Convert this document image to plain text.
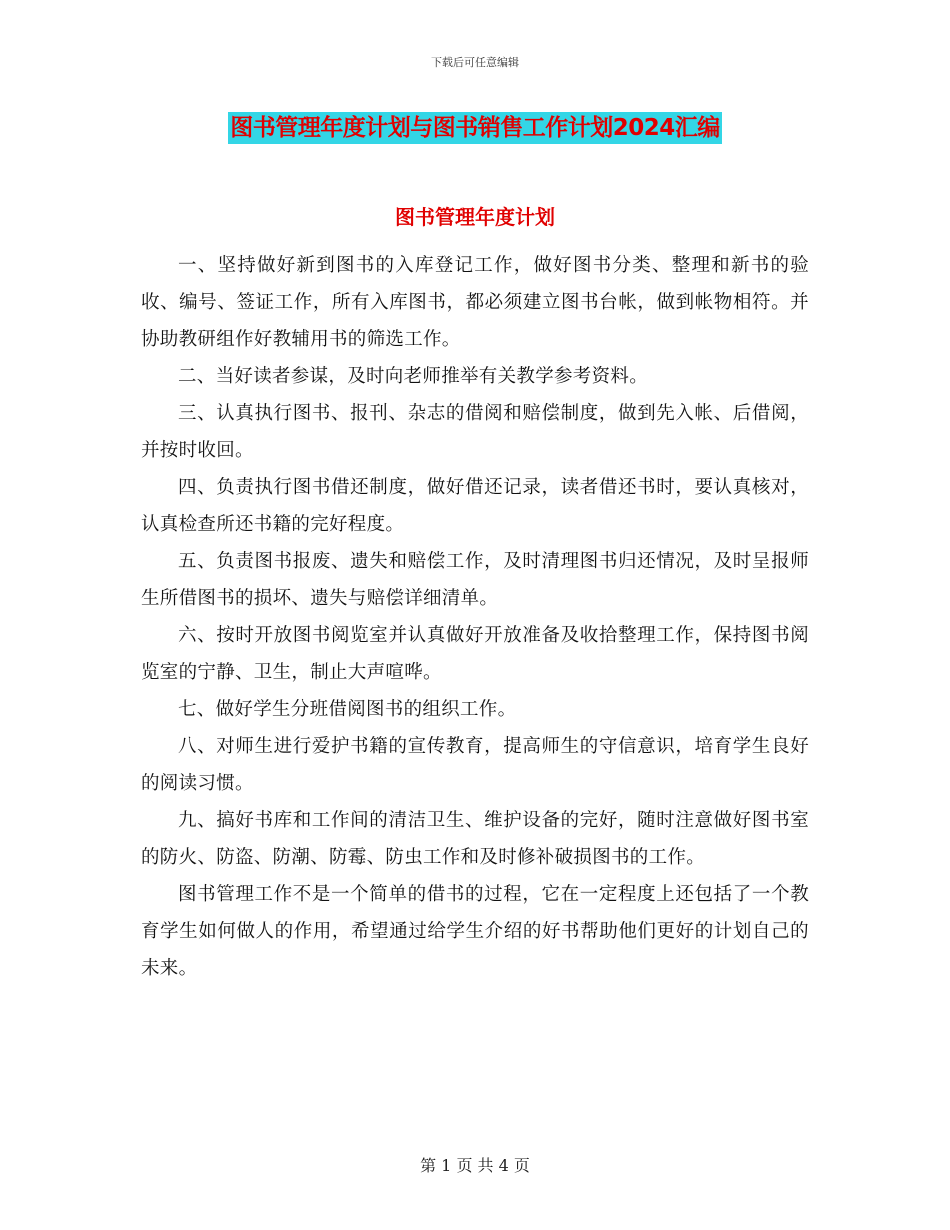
下载后可任意编辑
图书管理年度计划与图书销售工作计划2024汇编
图书管理年度计划

一、坚持做好新到图书的入库登记工作，做好图书分类、整理和新书的验收、编号、签证工作，所有入库图书，都必须建立图书台帐，做到帐物相符。并协助教研组作好教辅用书的筛选工作。

二、当好读者参谋，及时向老师推举有关教学参考资料。

三、认真执行图书、报刊、杂志的借阅和赔偿制度，做到先入帐、后借阅，并按时收回。

四、负责执行图书借还制度，做好借还记录，读者借还书时，要认真核对，认真检查所还书籍的完好程度。

五、负责图书报废、遗失和赔偿工作，及时清理图书归还情况，及时呈报师生所借图书的损坏、遗失与赔偿详细清单。

六、按时开放图书阅览室并认真做好开放准备及收拾整理工作，保持图书阅览室的宁静、卫生，制止大声喧哗。

七、做好学生分班借阅图书的组织工作。

八、对师生进行爱护书籍的宣传教育，提高师生的守信意识，培育学生良好的阅读习惯。

九、搞好书库和工作间的清洁卫生、维护设备的完好，随时注意做好图书室的防火、防盗、防潮、防霉、防虫工作和及时修补破损图书的工作。

图书管理工作不是一个简单的借书的过程，它在一定程度上还包括了一个教育学生如何做人的作用，希望通过给学生介绍的好书帮助他们更好的计划自己的未来。

第 1 页 共 4 页
